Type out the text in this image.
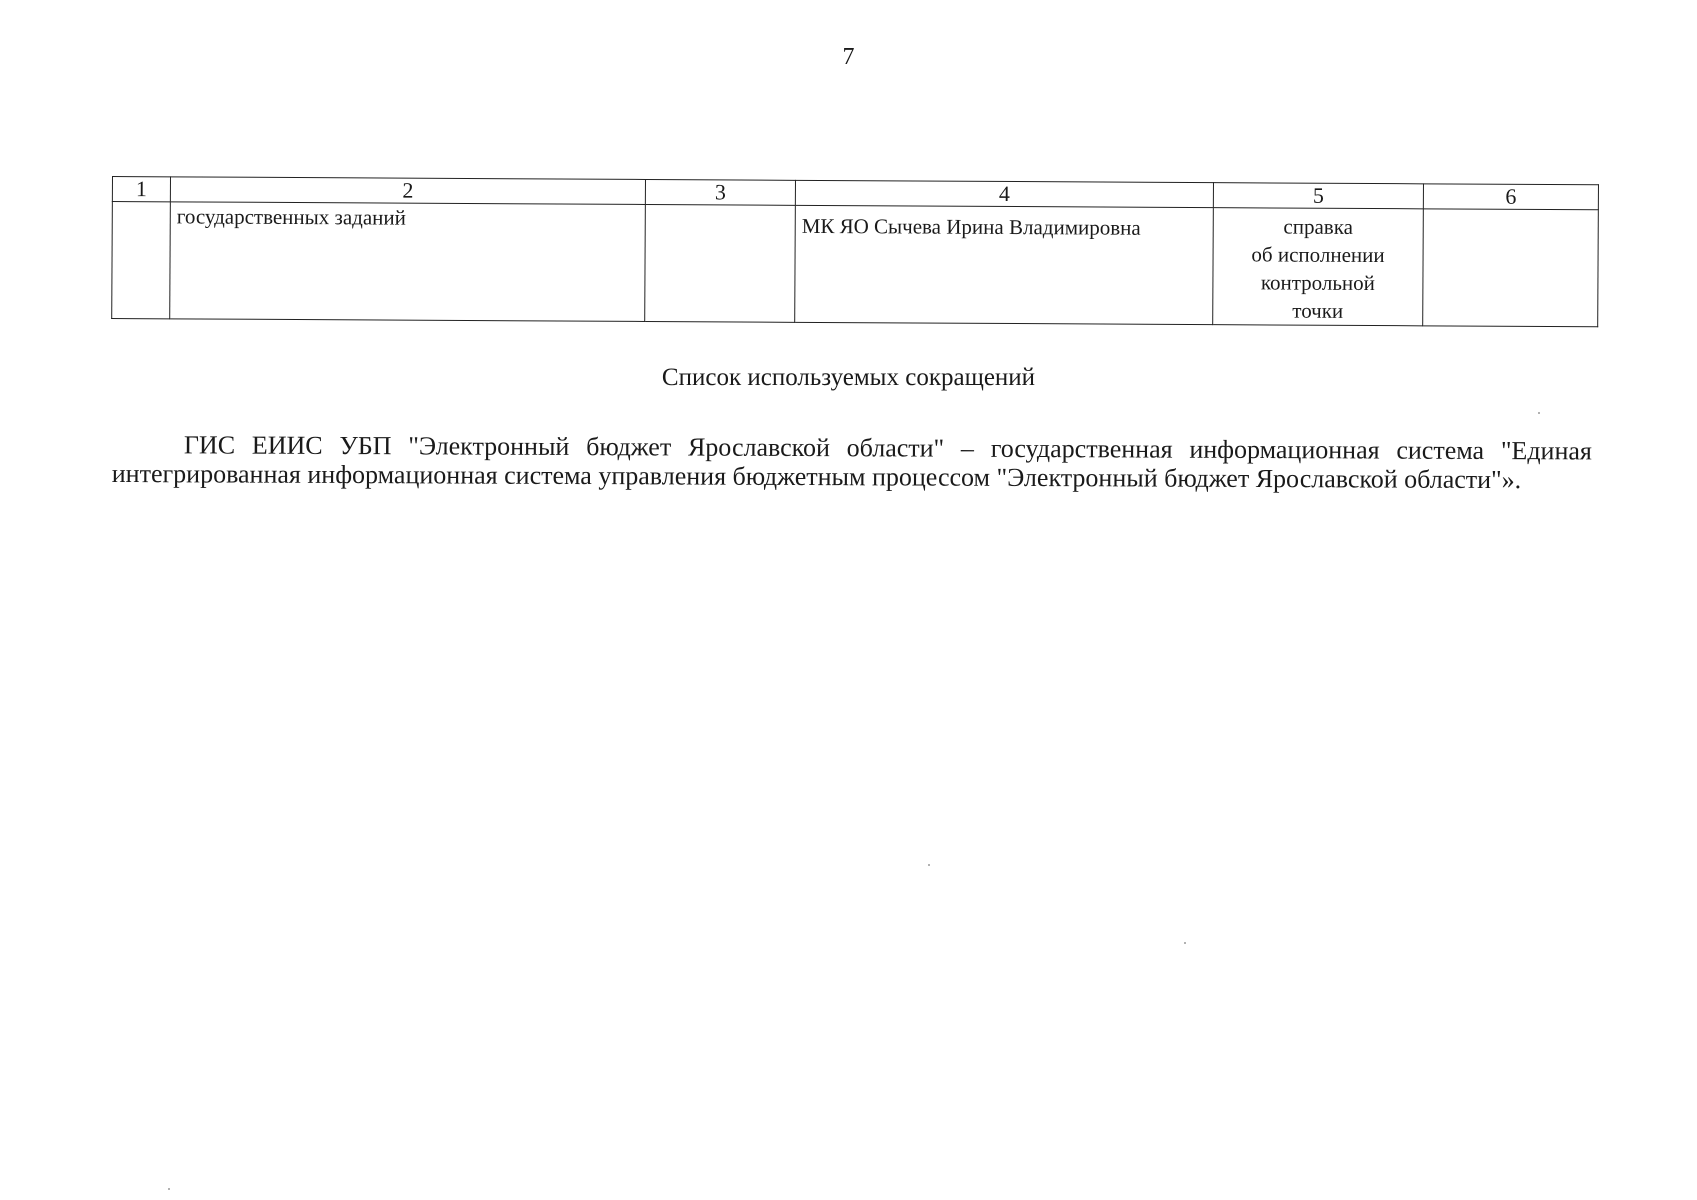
7
1	2	3	4	5	6
	государственных заданий		МК ЯО Сычева Ирина Владимировна	справка
об исполнении
контрольной
точки	

Список используемых сокращений
ГИС ЕИИС УБП "Электронный бюджет Ярославской области" – государственная информационная система "Единая интегрированная информационная система управления бюджетным процессом "Электронный бюджет Ярославской области"».
